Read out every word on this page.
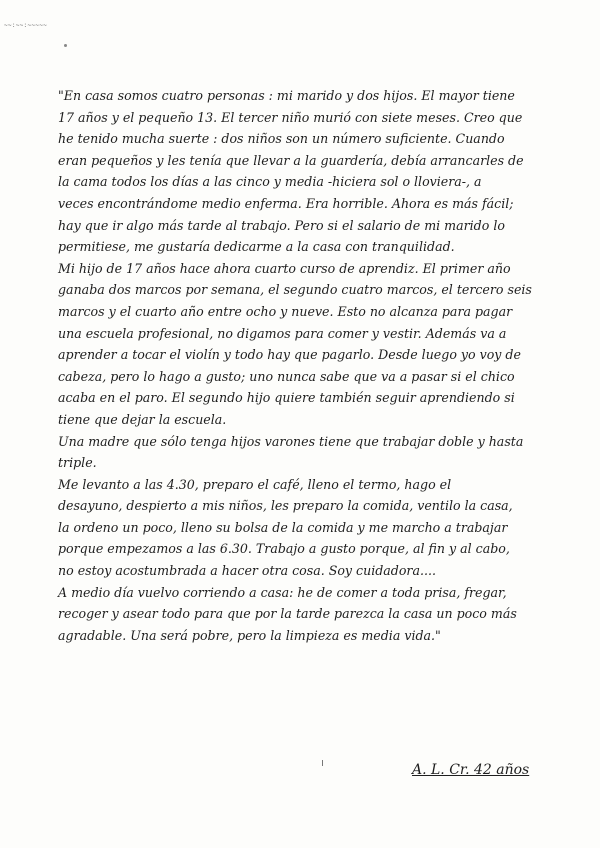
~~:~~:~~~~~

"En casa somos cuatro personas : mi marido y dos hijos. El mayor tiene
17 años y el pequeño 13. El tercer niño murió con siete meses. Creo que
he tenido mucha suerte : dos niños son un número suficiente. Cuando
eran pequeños y les tenía que llevar a la guardería, debía arrancarles de
la cama todos los días a las cinco y media -hiciera sol o lloviera-, a
veces encontrándome medio enferma. Era horrible. Ahora es más fácil;
hay que ir algo más tarde al trabajo. Pero si el salario de mi marido lo
permitiese, me gustaría dedicarme a la casa con tranquilidad.

Mi hijo de 17 años hace ahora cuarto curso de aprendiz. El primer año
ganaba dos marcos por semana, el segundo cuatro marcos, el tercero seis
marcos y el cuarto año entre ocho y nueve. Esto no alcanza para pagar
una escuela profesional, no digamos para comer y vestir. Además va a
aprender a tocar el violín y todo hay que pagarlo. Desde luego yo voy de
cabeza, pero lo hago a gusto; uno nunca sabe que va a pasar si el chico
acaba en el paro. El segundo hijo quiere también seguir aprendiendo si
tiene que dejar la escuela.

Una madre que sólo tenga hijos varones tiene que trabajar doble y hasta
triple.

Me levanto a las 4.30, preparo el café, lleno el termo, hago el
desayuno, despierto a mis niños, les preparo la comida, ventilo la casa,
la ordeno un poco, lleno su bolsa de la comida y me marcho a trabajar
porque empezamos a las 6.30. Trabajo a gusto porque, al fin y al cabo,
no estoy acostumbrada a hacer otra cosa. Soy cuidadora....

A medio día vuelvo corriendo a casa: he de comer a toda prisa, fregar,
recoger y asear todo para que por la tarde parezca la casa un poco más
agradable. Una será pobre, pero la limpieza es media vida."

A. L. Cr. 42 años
